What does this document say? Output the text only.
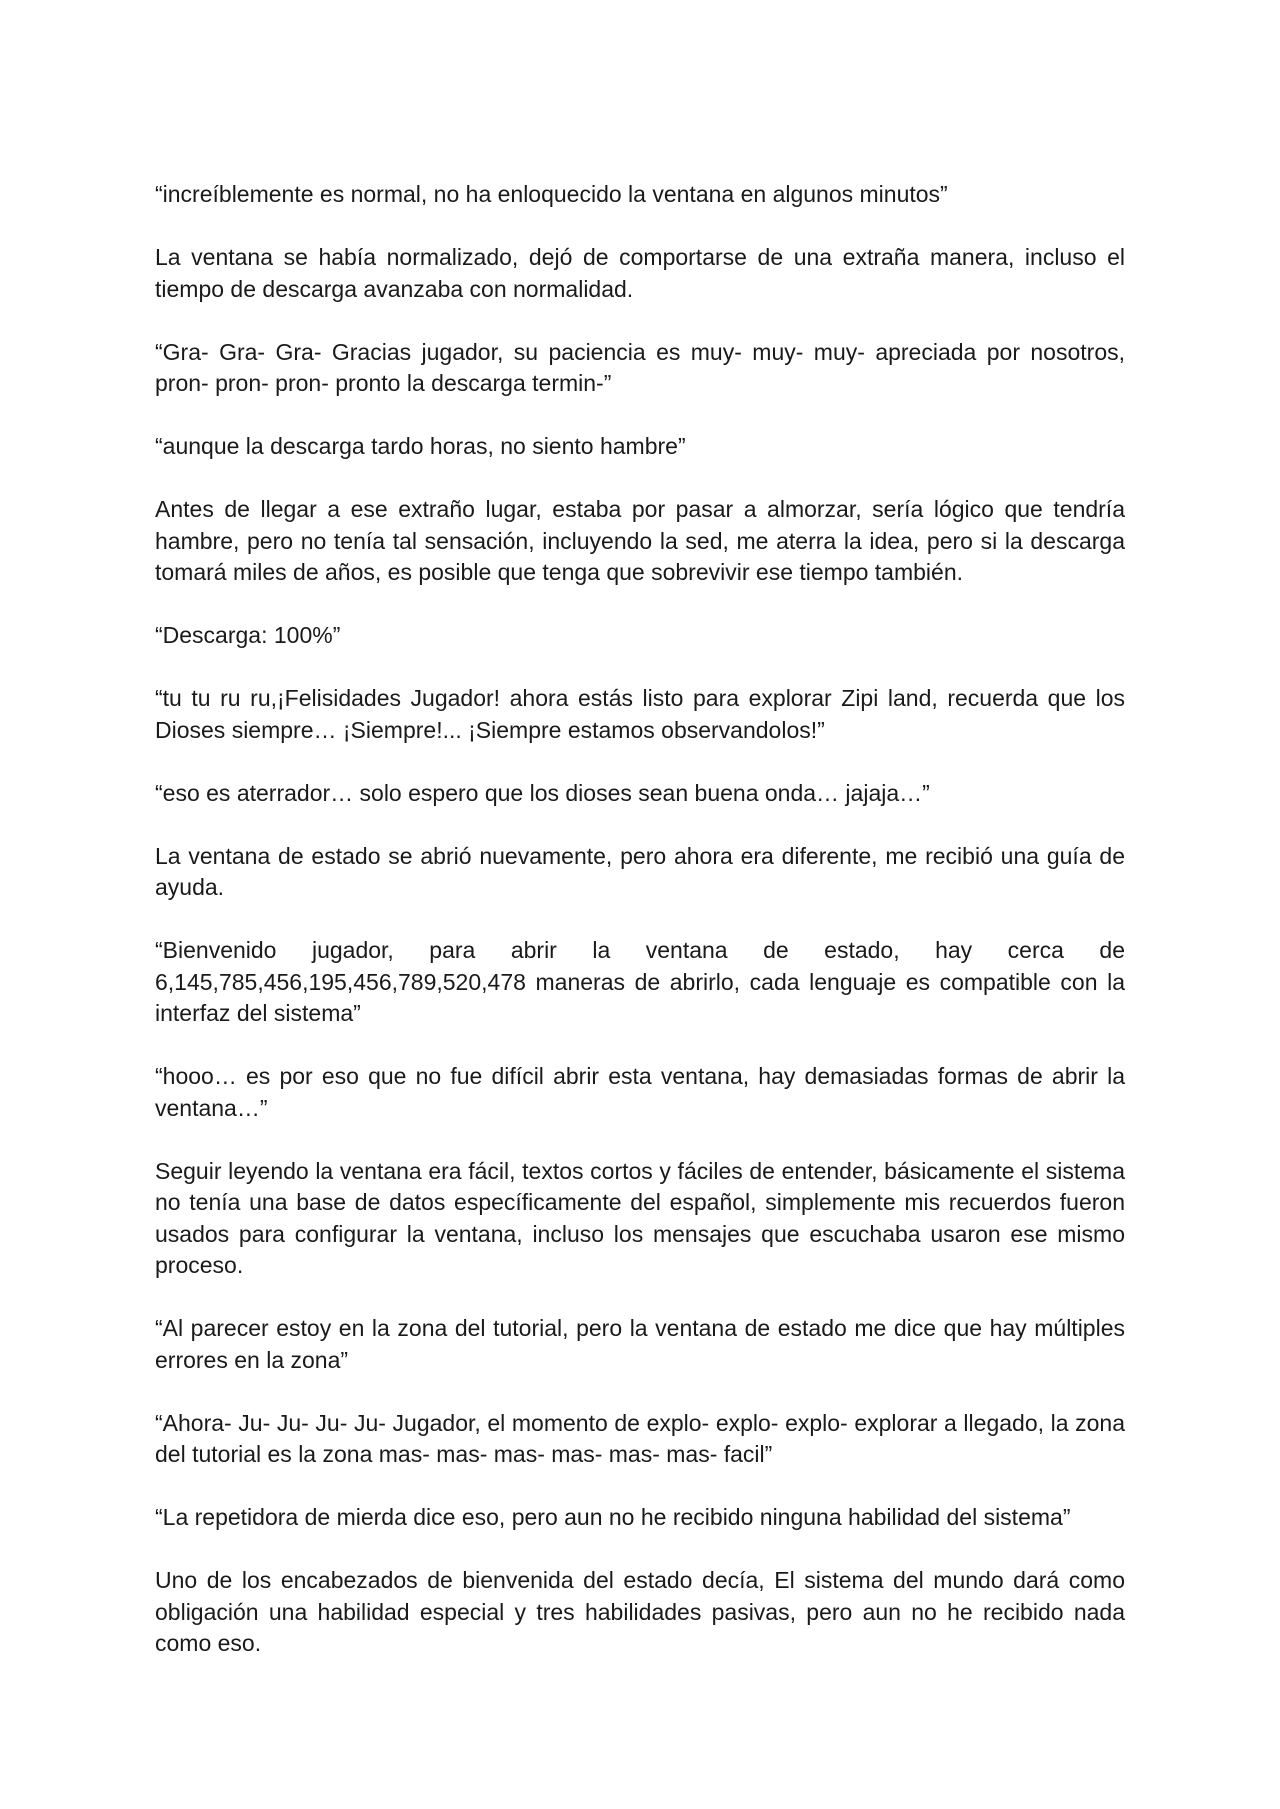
“increíblemente es normal, no ha enloquecido la ventana en algunos minutos”

La ventana se había normalizado, dejó de comportarse de una extraña manera, incluso el tiempo de descarga avanzaba con normalidad.

“Gra- Gra- Gra- Gracias jugador, su paciencia es muy- muy- muy- apreciada por nosotros, pron- pron- pron- pronto la descarga termin-”

“aunque la descarga tardo horas, no siento hambre”

Antes de llegar a ese extraño lugar, estaba por pasar a almorzar, sería lógico que tendría hambre, pero no tenía tal sensación, incluyendo la sed, me aterra la idea, pero si la descarga tomará miles de años, es posible que tenga que sobrevivir ese tiempo también.

“Descarga: 100%”

“tu tu ru ru,¡Felisidades Jugador! ahora estás listo para explorar Zipi land, recuerda que los Dioses siempre… ¡Siempre!... ¡Siempre estamos observandolos!”

“eso es aterrador… solo espero que los dioses sean buena onda… jajaja…”

La ventana de estado se abrió nuevamente, pero ahora era diferente, me recibió una guía de ayuda.

“Bienvenido jugador, para abrir la ventana de estado, hay cerca de 6,145,785,456,195,456,789,520,478 maneras de abrirlo, cada lenguaje es compatible con la interfaz del sistema”

“hooo… es por eso que no fue difícil abrir esta ventana, hay demasiadas formas de abrir la ventana…”

Seguir leyendo la ventana era fácil, textos cortos y fáciles de entender, básicamente el sistema no tenía una base de datos específicamente del español, simplemente mis recuerdos fueron usados para configurar la ventana, incluso los mensajes que escuchaba usaron ese mismo proceso.

“Al parecer estoy en la zona del tutorial, pero la ventana de estado me dice que hay múltiples errores en la zona”

“Ahora- Ju- Ju- Ju- Ju- Jugador, el momento de explo- explo- explo- explorar a llegado, la zona del tutorial es la zona mas- mas- mas- mas- mas- mas- facil”

“La repetidora de mierda dice eso, pero aun no he recibido ninguna habilidad del sistema”

Uno de los encabezados de bienvenida del estado decía, El sistema del mundo dará como obligación una habilidad especial y tres habilidades pasivas, pero aun no he recibido nada como eso.
